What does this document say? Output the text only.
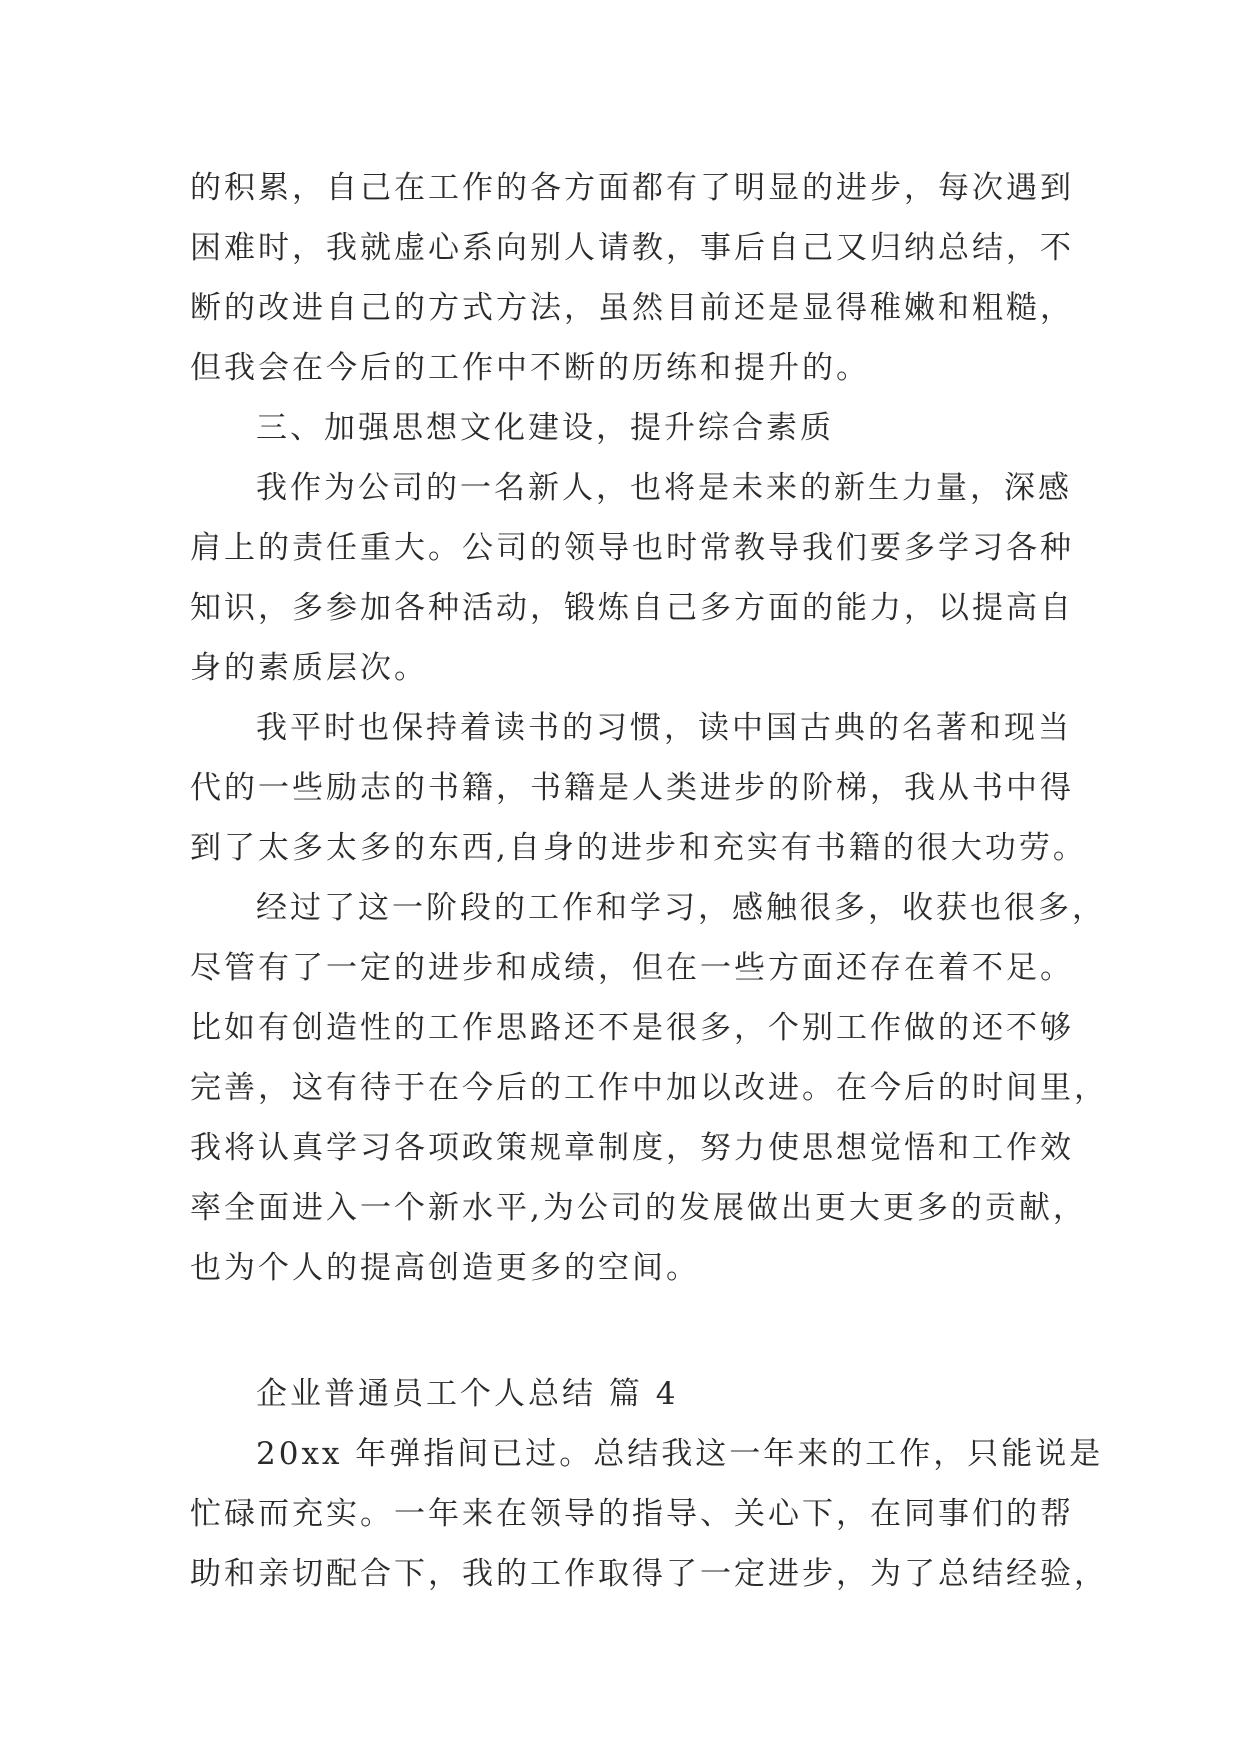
的积累，自己在工作的各方面都有了明显的进步，每次遇到
困难时，我就虚心系向别人请教，事后自己又归纳总结，不
断的改进自己的方式方法，虽然目前还是显得稚嫩和粗糙，
但我会在今后的工作中不断的历练和提升的。
三、加强思想文化建设，提升综合素质
我作为公司的一名新人，也将是未来的新生力量，深感
肩上的责任重大。公司的领导也时常教导我们要多学习各种
知识，多参加各种活动，锻炼自己多方面的能力，以提高自
身的素质层次。
我平时也保持着读书的习惯，读中国古典的名著和现当
代的一些励志的书籍，书籍是人类进步的阶梯，我从书中得
到了太多太多的东西,自身的进步和充实有书籍的很大功劳。
经过了这一阶段的工作和学习，感触很多，收获也很多，
尽管有了一定的进步和成绩，但在一些方面还存在着不足。
比如有创造性的工作思路还不是很多，个别工作做的还不够
完善，这有待于在今后的工作中加以改进。在今后的时间里，
我将认真学习各项政策规章制度，努力使思想觉悟和工作效
率全面进入一个新水平,为公司的发展做出更大更多的贡献，
也为个人的提高创造更多的空间。
企业普通员工个人总结 篇 4
20xx 年弹指间已过。总结我这一年来的工作，只能说是
忙碌而充实。一年来在领导的指导、关心下，在同事们的帮
助和亲切配合下，我的工作取得了一定进步，为了总结经验，
